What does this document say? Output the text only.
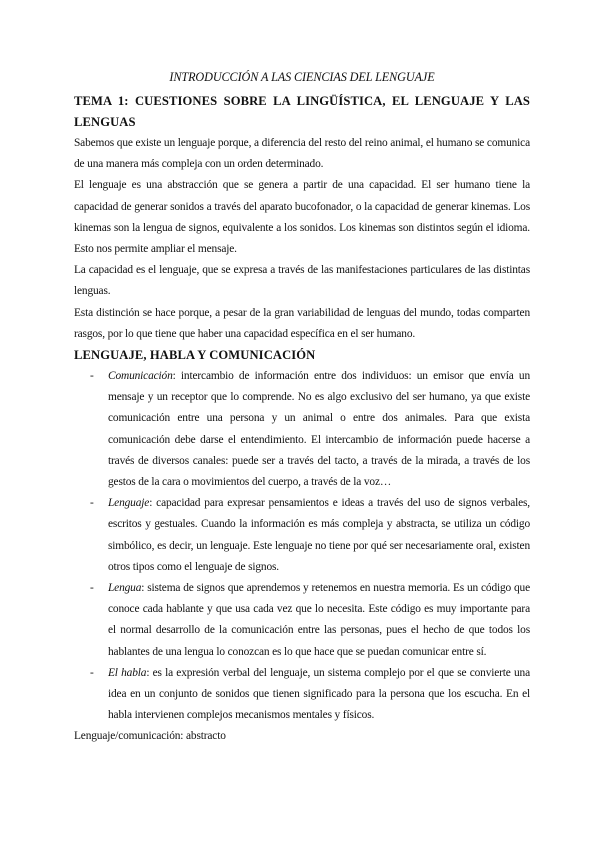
INTRODUCCIÓN A LAS CIENCIAS DEL LENGUAJE

TEMA 1: CUESTIONES SOBRE LA LINGÜÍSTICA, EL LENGUAJE Y LAS LENGUAS

Sabemos que existe un lenguaje porque, a diferencia del resto del reino animal, el humano se comunica de una manera más compleja con un orden determinado.

El lenguaje es una abstracción que se genera a partir de una capacidad. El ser humano tiene la capacidad de generar sonidos a través del aparato bucofonador, o la capacidad de generar kinemas. Los kinemas son la lengua de signos, equivalente a los sonidos. Los kinemas son distintos según el idioma. Esto nos permite ampliar el mensaje.

La capacidad es el lenguaje, que se expresa a través de las manifestaciones particulares de las distintas lenguas.

Esta distinción se hace porque, a pesar de la gran variabilidad de lenguas del mundo, todas comparten rasgos, por lo que tiene que haber una capacidad específica en el ser humano.

LENGUAJE, HABLA Y COMUNICACIÓN

- Comunicación: intercambio de información entre dos individuos: un emisor que envía un mensaje y un receptor que lo comprende. No es algo exclusivo del ser humano, ya que existe comunicación entre una persona y un animal o entre dos animales. Para que exista comunicación debe darse el entendimiento. El intercambio de información puede hacerse a través de diversos canales: puede ser a través del tacto, a través de la mirada, a través de los gestos de la cara o movimientos del cuerpo, a través de la voz…

- Lenguaje: capacidad para expresar pensamientos e ideas a través del uso de signos verbales, escritos y gestuales. Cuando la información es más compleja y abstracta, se utiliza un código simbólico, es decir, un lenguaje. Este lenguaje no tiene por qué ser necesariamente oral, existen otros tipos como el lenguaje de signos.

- Lengua: sistema de signos que aprendemos y retenemos en nuestra memoria. Es un código que conoce cada hablante y que usa cada vez que lo necesita. Este código es muy importante para el normal desarrollo de la comunicación entre las personas, pues el hecho de que todos los hablantes de una lengua lo conozcan es lo que hace que se puedan comunicar entre sí.

- El habla: es la expresión verbal del lenguaje, un sistema complejo por el que se convierte una idea en un conjunto de sonidos que tienen significado para la persona que los escucha. En el habla intervienen complejos mecanismos mentales y físicos.

Lenguaje/comunicación: abstracto
